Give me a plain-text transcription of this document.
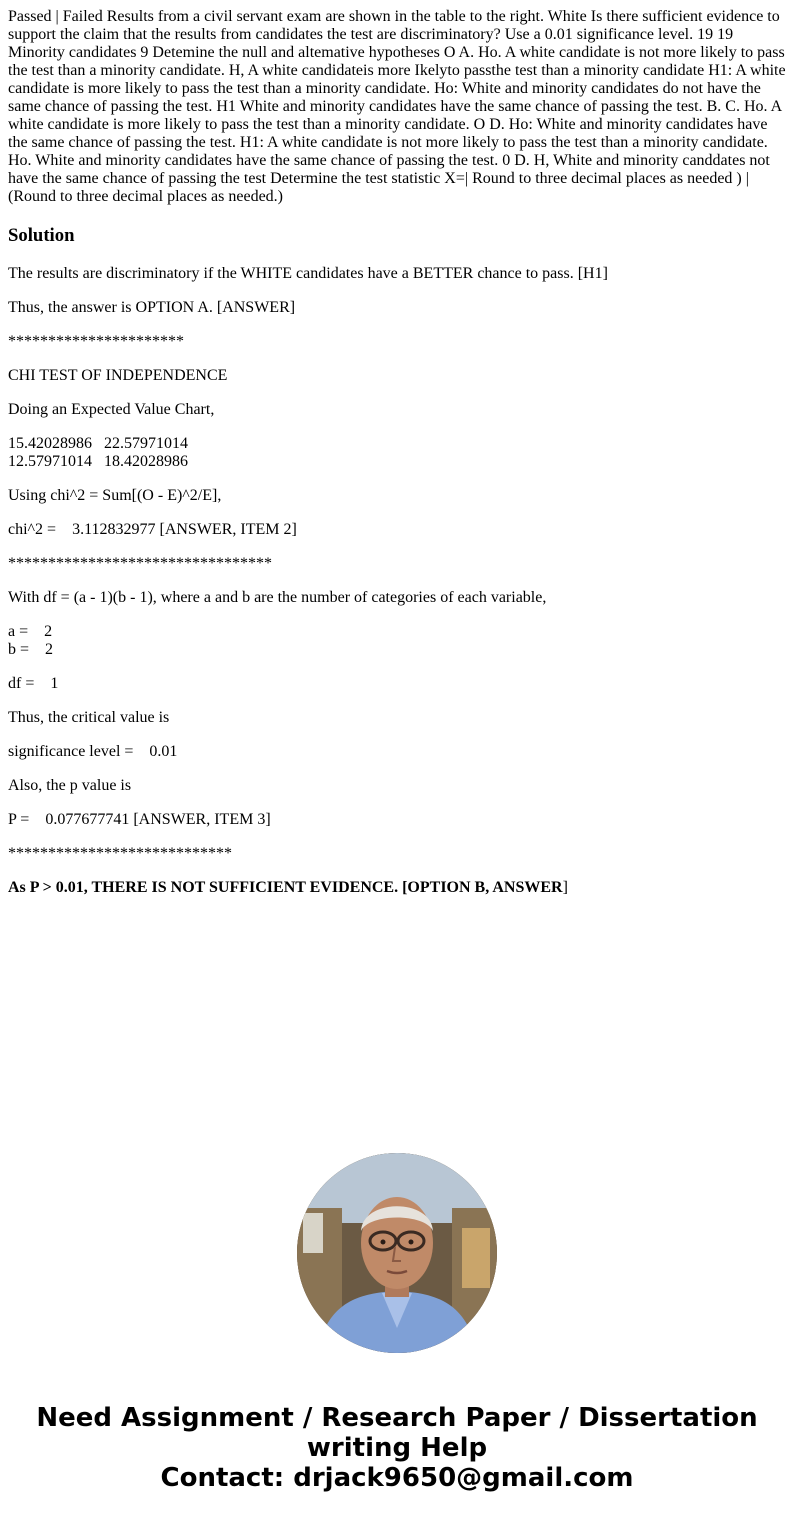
Passed | Failed Results from a civil servant exam are shown in the table to the right. White Is there sufficient evidence to support the claim that the results from candidates the test are discriminatory? Use a 0.01 significance level. 19 19 Minority candidates 9 Detemine the null and altemative hypotheses O A. Ho. A white candidate is not more likely to pass the test than a minority candidate. H, A white candidateis more Ikelyto passthe test than a minority candidate H1: A white candidate is more likely to pass the test than a minority candidate. Ho: White and minority candidates do not have the same chance of passing the test. H1 White and minority candidates have the same chance of passing the test. B. C. Ho. A white candidate is more likely to pass the test than a minority candidate. O D. Ho: White and minority candidates have the same chance of passing the test. H1: A white candidate is not more likely to pass the test than a minority candidate. Ho. White and minority candidates have the same chance of passing the test. 0 D. H, White and minority canddates not have the same chance of passing the test Determine the test statistic X=| Round to three decimal places as needed ) | (Round to three decimal places as needed.)

Solution

The results are discriminatory if the WHITE candidates have a BETTER chance to pass. [H1]

Thus, the answer is OPTION A. [ANSWER]

**********************

CHI TEST OF INDEPENDENCE

Doing an Expected Value Chart,

15.42028986   22.57971014
12.57971014   18.42028986

Using chi^2 = Sum[(O - E)^2/E],

chi^2 =    3.112832977 [ANSWER, ITEM 2]

*********************************

With df = (a - 1)(b - 1), where a and b are the number of categories of each variable,

a =    2
b =    2

df =    1

Thus, the critical value is

significance level =    0.01

Also, the p value is

P =    0.077677741 [ANSWER, ITEM 3]

****************************

As P > 0.01, THERE IS NOT SUFFICIENT EVIDENCE. [OPTION B, ANSWER]

Need Assignment / Research Paper / Dissertation
writing Help
Contact: drjack9650@gmail.com
